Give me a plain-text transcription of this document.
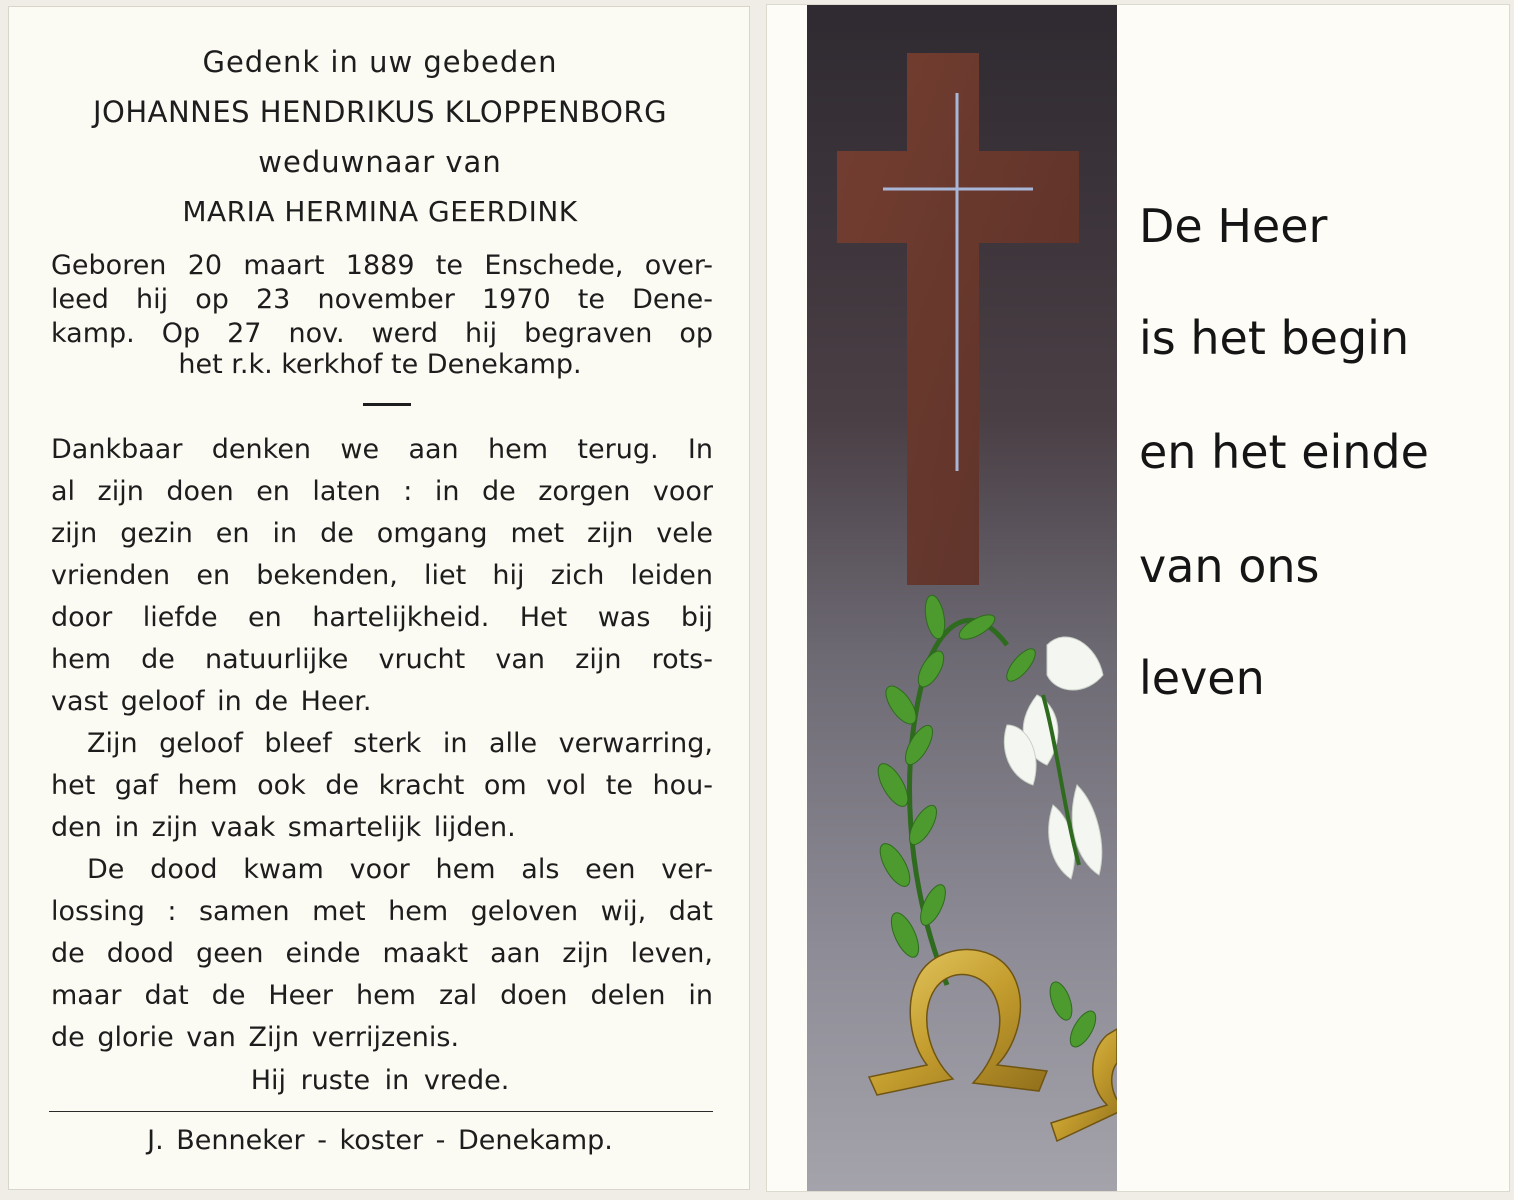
Gedenk in uw gebeden
JOHANNES HENDRIKUS KLOPPENBORG
weduwnaar van
MARIA HERMINA GEERDINK
Geboren 20 maart 1889 te Enschede, over-
leed hij op 23 november 1970 te Dene-
kamp. Op 27 nov. werd hij begraven op
het r.k. kerkhof te Denekamp.
Dankbaar denken we aan hem terug. In
al zijn doen en laten : in de zorgen voor
zijn gezin en in de omgang met zijn vele
vrienden en bekenden, liet hij zich leiden
door liefde en hartelijkheid. Het was bij
hem de natuurlijke vrucht van zijn rots-
vast geloof in de Heer.
Zijn geloof bleef sterk in alle verwarring,
het gaf hem ook de kracht om vol te hou-
den in zijn vaak smartelijk lijden.
De dood kwam voor hem als een ver-
lossing : samen met hem geloven wij, dat
de dood geen einde maakt aan zijn leven,
maar dat de Heer hem zal doen delen in
de glorie van Zijn verrijzenis.
Hij ruste in vrede.
J. Benneker - koster - Denekamp.
De Heer
is het begin
en het einde
van ons
leven
